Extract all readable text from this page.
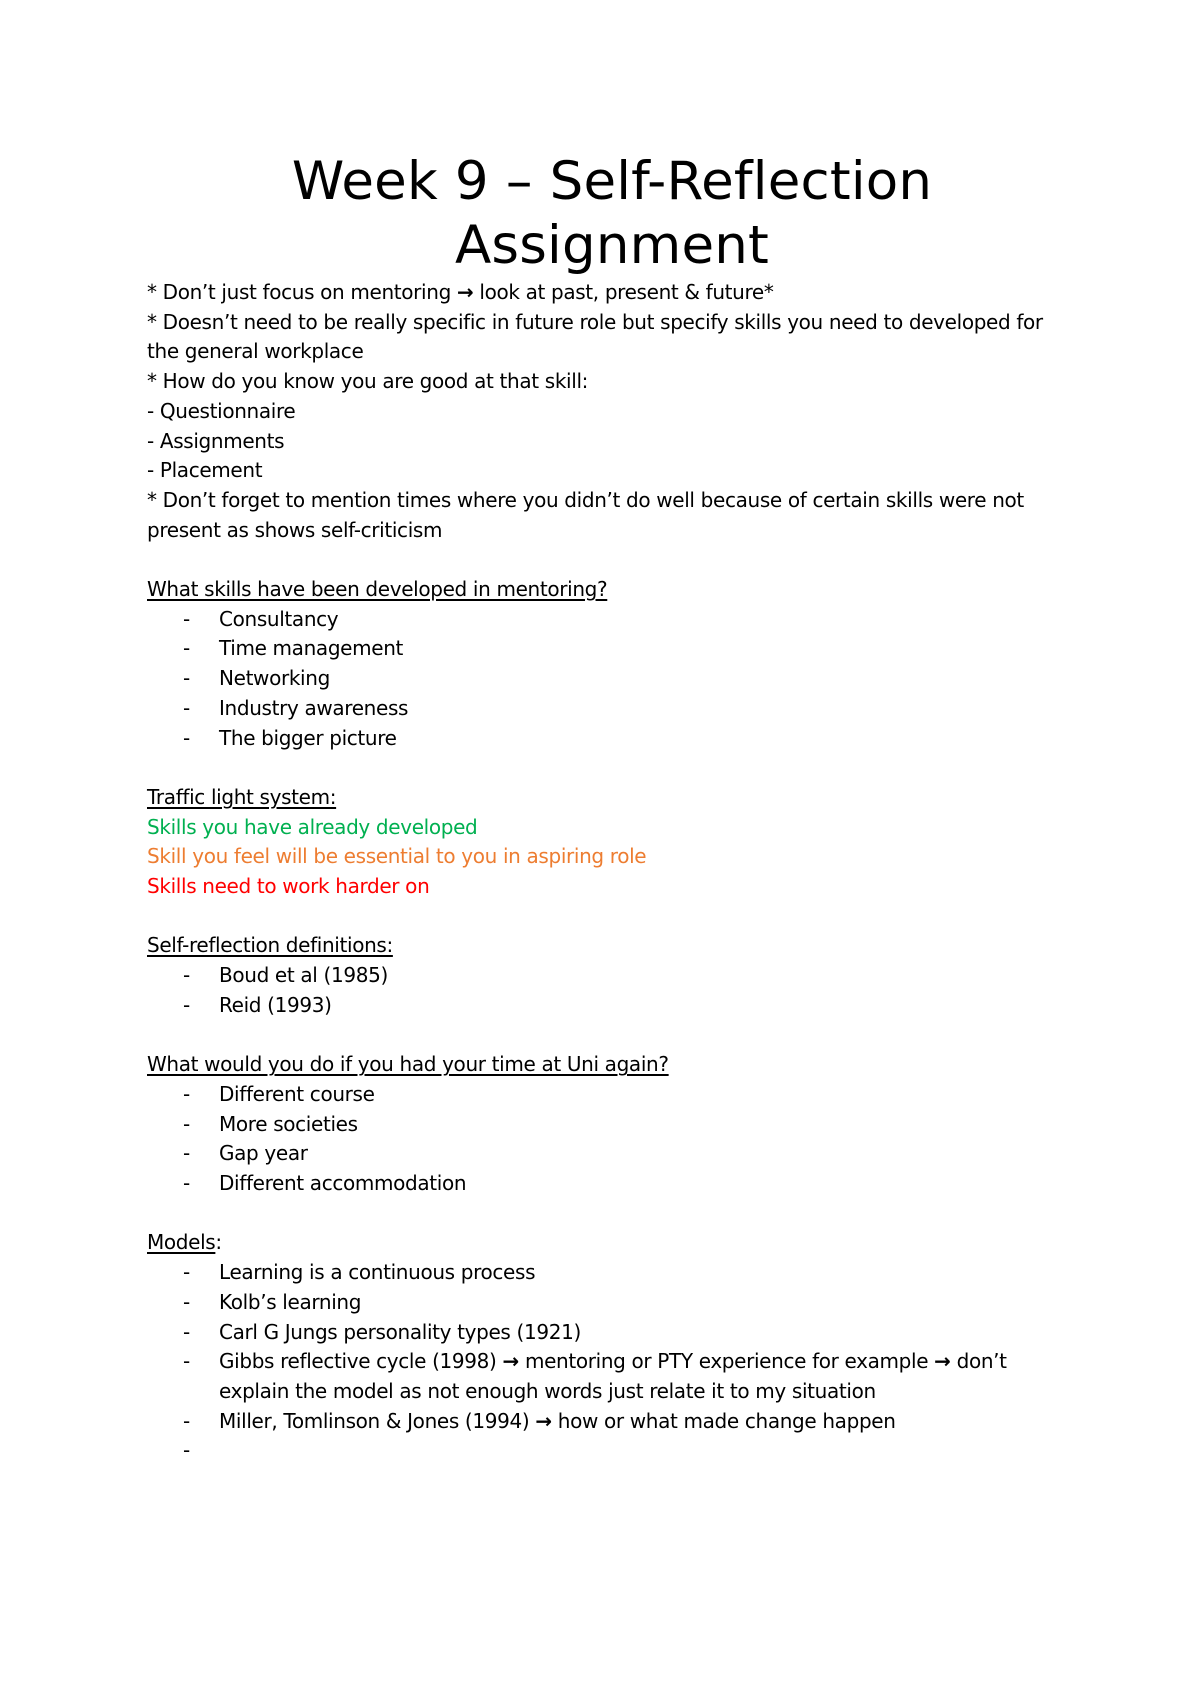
Week 9 – Self-Reflection
Assignment
* Don’t just focus on mentoring → look at past, present & future*
* Doesn’t need to be really specific in future role but specify skills you need to developed for the general workplace
* How do you know you are good at that skill:
- Questionnaire
- Assignments
- Placement
* Don’t forget to mention times where you didn’t do well because of certain skills were not present as shows self-criticism
What skills have been developed in mentoring?
- Consultancy
- Time management
- Networking
- Industry awareness
- The bigger picture
Traffic light system:
Skills you have already developed
Skill you feel will be essential to you in aspiring role
Skills need to work harder on
Self-reflection definitions:
- Boud et al (1985)
- Reid (1993)
What would you do if you had your time at Uni again?
- Different course
- More societies
- Gap year
- Different accommodation
Models:
- Learning is a continuous process
- Kolb’s learning
- Carl G Jungs personality types (1921)
- Gibbs reflective cycle (1998) → mentoring or PTY experience for example → don’t explain the model as not enough words just relate it to my situation
- Miller, Tomlinson & Jones (1994) → how or what made change happen
-
